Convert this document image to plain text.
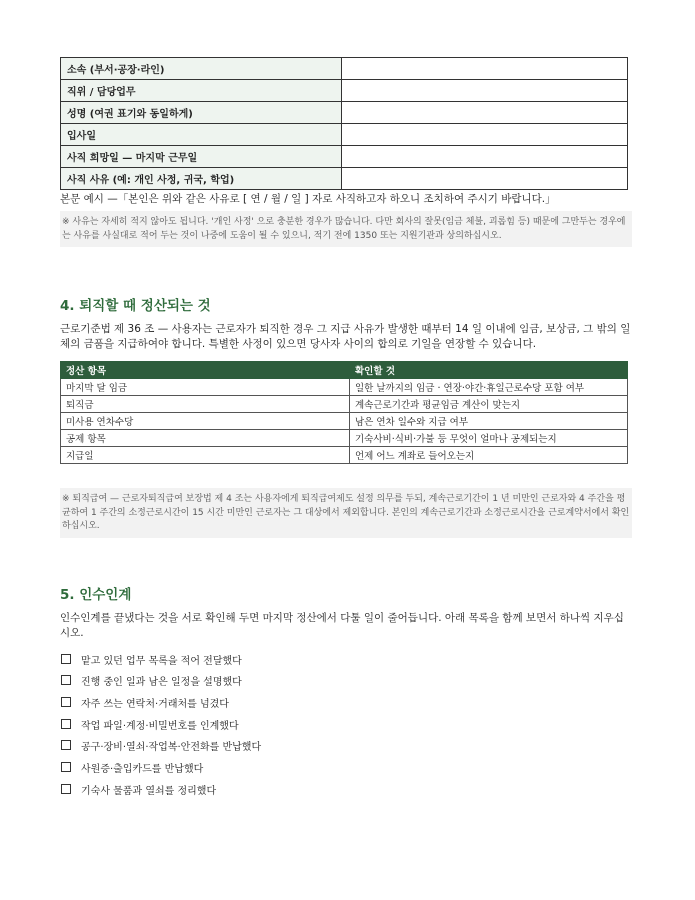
소속 (부서·공장·라인)	
직위 / 담당업무	
성명 (여권 표기와 동일하게)	
입사일	
사직 희망일 — 마지막 근무일	
사직 사유 (예: 개인 사정, 귀국, 학업)	
본문 예시 —「본인은 위와 같은 사유로 [ 연 / 월 / 일 ] 자로 사직하고자 하오니 조치하여 주시기 바랍니다.」
※ 사유는 자세히 적지 않아도 됩니다. '개인 사정' 으로 충분한 경우가 많습니다. 다만 회사의 잘못(임금 체불, 괴롭힘 등) 때문에 그만두는 경우에는 사유를 사실대로 적어 두는 것이 나중에 도움이 될 수 있으니, 적기 전에 1350 또는 지원기관과 상의하십시오.
4. 퇴직할 때 정산되는 것

근로기준법 제 36 조 — 사용자는 근로자가 퇴직한 경우 그 지급 사유가 발생한 때부터 14 일 이내에 임금, 보상금, 그 밖의 일체의 금품을 지급하여야 합니다. 특별한 사정이 있으면 당사자 사이의 합의로 기일을 연장할 수 있습니다.

정산 항목	확인할 것
마지막 달 임금	일한 날까지의 임금 · 연장·야간·휴일근로수당 포함 여부
퇴직금	계속근로기간과 평균임금 계산이 맞는지
미사용 연차수당	남은 연차 일수와 지급 여부
공제 항목	기숙사비·식비·가불 등 무엇이 얼마나 공제되는지
지급일	언제 어느 계좌로 들어오는지
※ 퇴직급여 — 근로자퇴직급여 보장법 제 4 조는 사용자에게 퇴직급여제도 설정 의무를 두되, 계속근로기간이 1 년 미만인 근로자와 4 주간을 평균하여 1 주간의 소정근로시간이 15 시간 미만인 근로자는 그 대상에서 제외합니다. 본인의 계속근로기간과 소정근로시간을 근로계약서에서 확인하십시오.
5. 인수인계

인수인계를 끝냈다는 것을 서로 확인해 두면 마지막 정산에서 다툴 일이 줄어듭니다. 아래 목록을 함께 보면서 하나씩 지우십시오.

맡고 있던 업무 목록을 적어 전달했다
진행 중인 일과 남은 일정을 설명했다
자주 쓰는 연락처·거래처를 넘겼다
작업 파일·계정·비밀번호를 인계했다
공구·장비·열쇠·작업복·안전화를 반납했다
사원증·출입카드를 반납했다
기숙사 물품과 열쇠를 정리했다
